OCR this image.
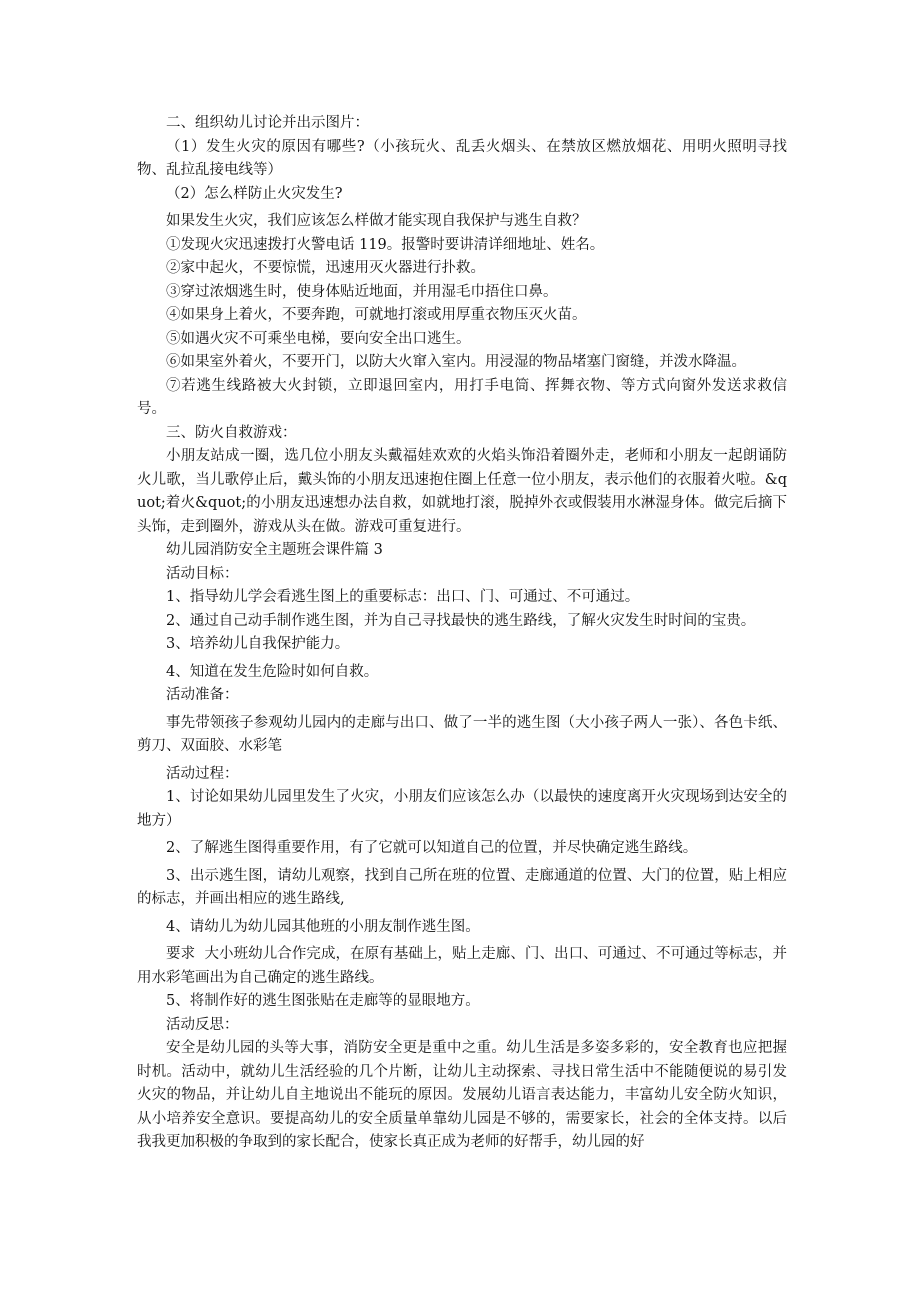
二、组织幼儿讨论并出示图片：

（1）发生火灾的原因有哪些?（小孩玩火、乱丢火烟头、在禁放区燃放烟花、用明火照明寻找物、乱拉乱接电线等）

（2）怎么样防止火灾发生?

如果发生火灾，我们应该怎么样做才能实现自我保护与逃生自救？

①发现火灾迅速拨打火警电话 119。报警时要讲清详细地址、姓名。

②家中起火，不要惊慌，迅速用灭火器进行扑救。

③穿过浓烟逃生时，使身体贴近地面，并用湿毛巾捂住口鼻。

④如果身上着火，不要奔跑，可就地打滚或用厚重衣物压灭火苗。

⑤如遇火灾不可乘坐电梯，要向安全出口逃生。

⑥如果室外着火，不要开门，以防大火窜入室内。用浸湿的物品堵塞门窗缝，并泼水降温。

⑦若逃生线路被大火封锁，立即退回室内，用打手电筒、挥舞衣物、等方式向窗外发送求救信号。

三、防火自救游戏：

小朋友站成一圈，选几位小朋友头戴福娃欢欢的火焰头饰沿着圈外走，老师和小朋友一起朗诵防火儿歌，当儿歌停止后，戴头饰的小朋友迅速抱住圈上任意一位小朋友，表示他们的衣服着火啦。&quot;着火&quot;的小朋友迅速想办法自救，如就地打滚，脱掉外衣或假装用水淋湿身体。做完后摘下头饰，走到圈外，游戏从头在做。游戏可重复进行。

幼儿园消防安全主题班会课件篇 3

活动目标：

1、指导幼儿学会看逃生图上的重要标志：出口、门、可通过、不可通过。

2、通过自己动手制作逃生图，并为自己寻找最快的逃生路线，了解火灾发生时时间的宝贵。

3、培养幼儿自我保护能力。

4、知道在发生危险时如何自救。

活动准备：

事先带领孩子参观幼儿园内的走廊与出口、做了一半的逃生图（大小孩子两人一张）、各色卡纸、剪刀、双面胶、水彩笔

活动过程：

1、讨论如果幼儿园里发生了火灾，小朋友们应该怎么办（以最快的速度离开火灾现场到达安全的地方）

2、了解逃生图得重要作用，有了它就可以知道自己的位置，并尽快确定逃生路线。

3、出示逃生图，请幼儿观察，找到自己所在班的位置、走廊通道的位置、大门的位置，贴上相应的标志，并画出相应的逃生路线,

4、请幼儿为幼儿园其他班的小朋友制作逃生图。

要求  大小班幼儿合作完成，在原有基础上，贴上走廊、门、出口、可通过、不可通过等标志，并用水彩笔画出为自己确定的逃生路线。

5、将制作好的逃生图张贴在走廊等的显眼地方。

活动反思：

安全是幼儿园的头等大事，消防安全更是重中之重。幼儿生活是多姿多彩的，安全教育也应把握时机。活动中，就幼儿生活经验的几个片断，让幼儿主动探索、寻找日常生活中不能随便说的易引发火灾的物品，并让幼儿自主地说出不能玩的原因。发展幼儿语言表达能力，丰富幼儿安全防火知识，从小培养安全意识。要提高幼儿的安全质量单靠幼儿园是不够的，需要家长，社会的全体支持。以后我我更加积极的争取到的家长配合，使家长真正成为老师的好帮手，幼儿园的好
